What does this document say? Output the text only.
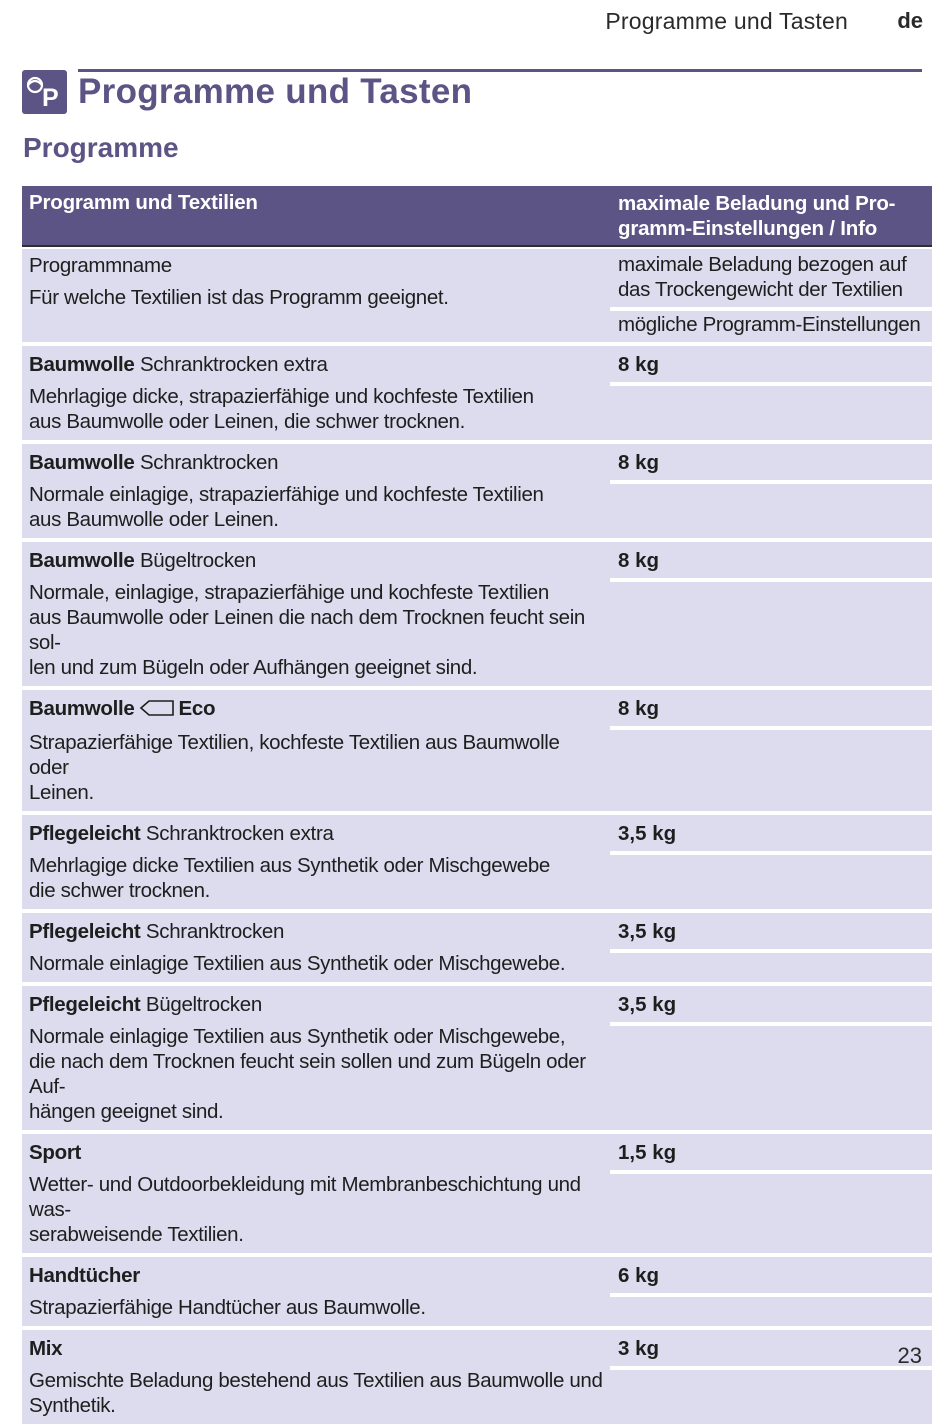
Programme und Tasten de
P Programme und Tasten
Programme
Programm und Textilien	maximale Beladung und Pro-
gramm-Einstellungen / Info
Programmname
Für welche Textilien ist das Programm geeignet.
maximale Beladung bezogen auf
das Trockengewicht der Textilien
mögliche Programm-Einstellungen
Baumwolle Schranktrocken extra
Mehrlagige dicke, strapazierfähige und kochfeste Textilien
aus Baumwolle oder Leinen, die schwer trocknen.
8 kg
Baumwolle Schranktrocken
Normale einlagige, strapazierfähige und kochfeste Textilien
aus Baumwolle oder Leinen.
8 kg
Baumwolle Bügeltrocken
Normale, einlagige, strapazierfähige und kochfeste Textilien
aus Baumwolle oder Leinen die nach dem Trocknen feucht sein sol-
len und zum Bügeln oder Aufhängen geeignet sind.
8 kg
Baumwolle Eco
Strapazierfähige Textilien, kochfeste Textilien aus Baumwolle oder
Leinen.
8 kg
Pflegeleicht Schranktrocken extra
Mehrlagige dicke Textilien aus Synthetik oder Mischgewebe
die schwer trocknen.
3,5 kg
Pflegeleicht Schranktrocken
Normale einlagige Textilien aus Synthetik oder Mischgewebe.
3,5 kg
Pflegeleicht Bügeltrocken
Normale einlagige Textilien aus Synthetik oder Mischgewebe,
die nach dem Trocknen feucht sein sollen und zum Bügeln oder Auf-
hängen geeignet sind.
3,5 kg
Sport
Wetter- und Outdoorbekleidung mit Membranbeschichtung und was-
serabweisende Textilien.
1,5 kg
Handtücher
Strapazierfähige Handtücher aus Baumwolle.
6 kg
Mix
Gemischte Beladung bestehend aus Textilien aus Baumwolle und
Synthetik.
3 kg	23
